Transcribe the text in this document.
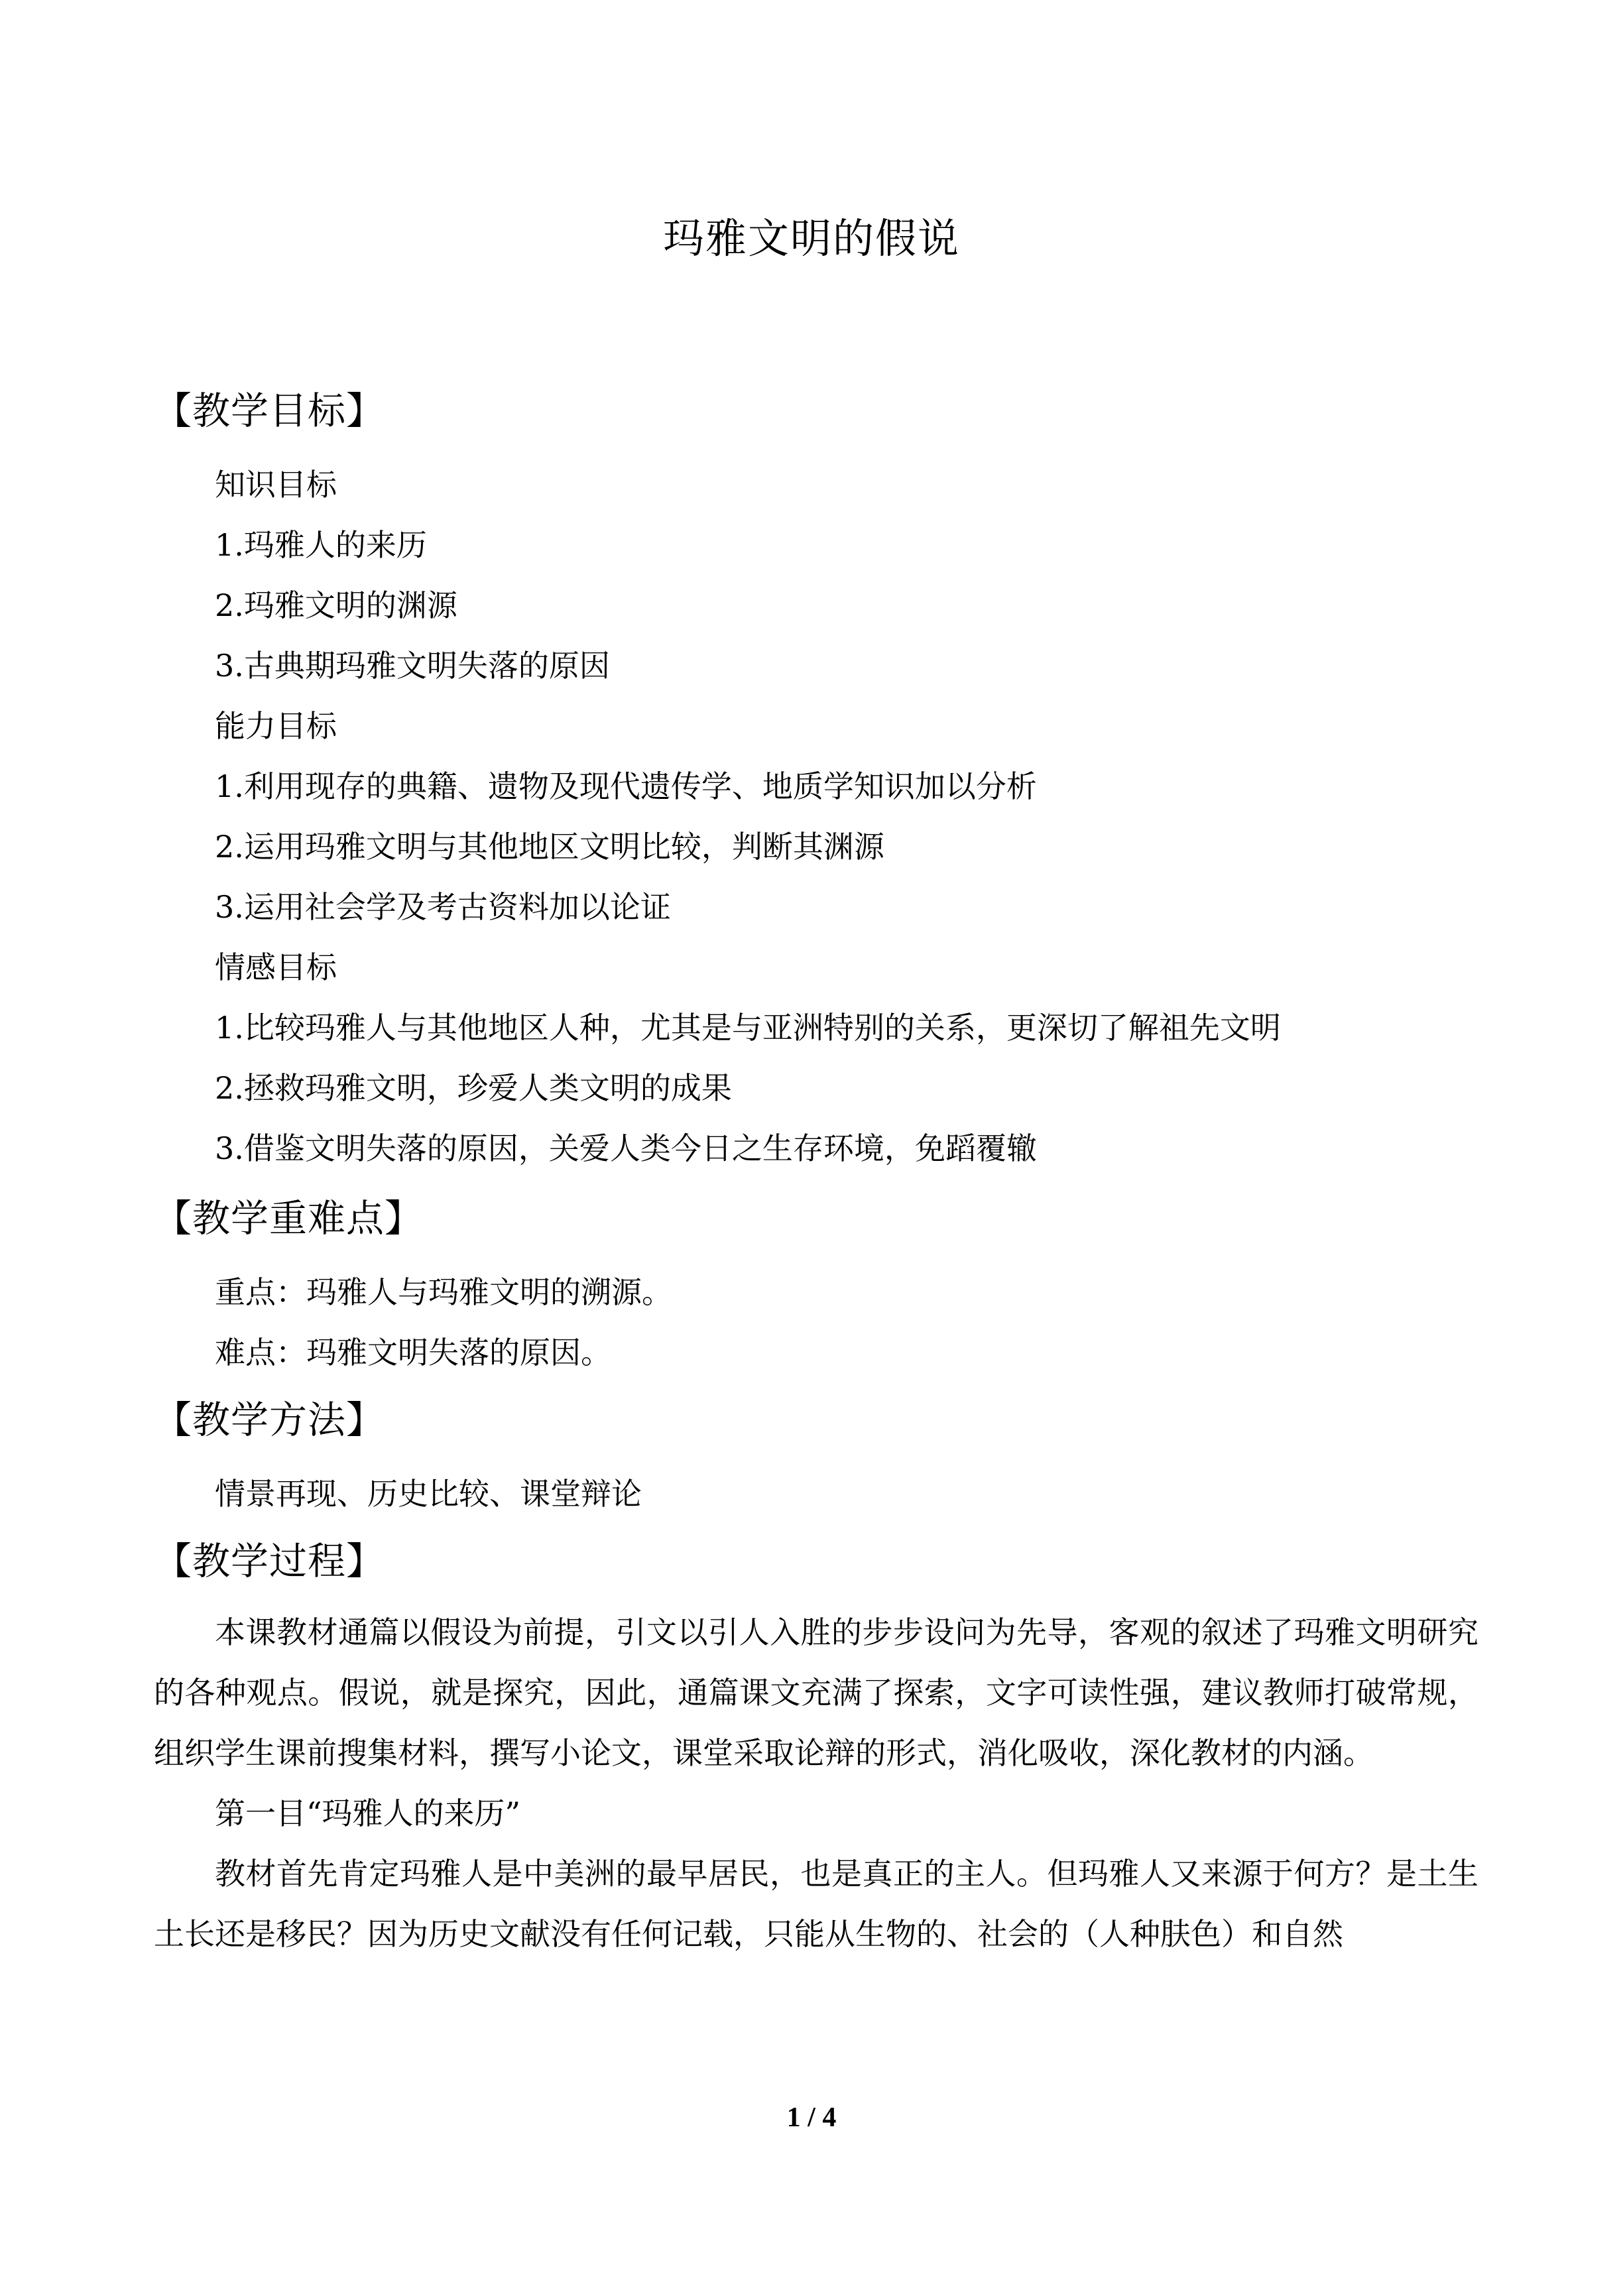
玛雅文明的假说
【教学目标】

知识目标

1.玛雅人的来历

2.玛雅文明的渊源

3.古典期玛雅文明失落的原因

能力目标

1.利用现存的典籍、遗物及现代遗传学、地质学知识加以分析

2.运用玛雅文明与其他地区文明比较，判断其渊源

3.运用社会学及考古资料加以论证

情感目标

1.比较玛雅人与其他地区人种，尤其是与亚洲特别的关系，更深切了解祖先文明

2.拯救玛雅文明，珍爱人类文明的成果

3.借鉴文明失落的原因，关爱人类今日之生存环境，免蹈覆辙

【教学重难点】

重点：玛雅人与玛雅文明的溯源。

难点：玛雅文明失落的原因。

【教学方法】

情景再现、历史比较、课堂辩论

【教学过程】

本课教材通篇以假设为前提，引文以引人入胜的步步设问为先导，客观的叙述了玛雅文明研究的各种观点。假说，就是探究，因此，通篇课文充满了探索，文字可读性强，建议教师打破常规，组织学生课前搜集材料，撰写小论文，课堂采取论辩的形式，消化吸收，深化教材的内涵。

第一目“玛雅人的来历”

教材首先肯定玛雅人是中美洲的最早居民，也是真正的主人。但玛雅人又来源于何方？是土生土长还是移民？因为历史文献没有任何记载，只能从生物的、社会的（人种肤色）和自然

1 / 4
